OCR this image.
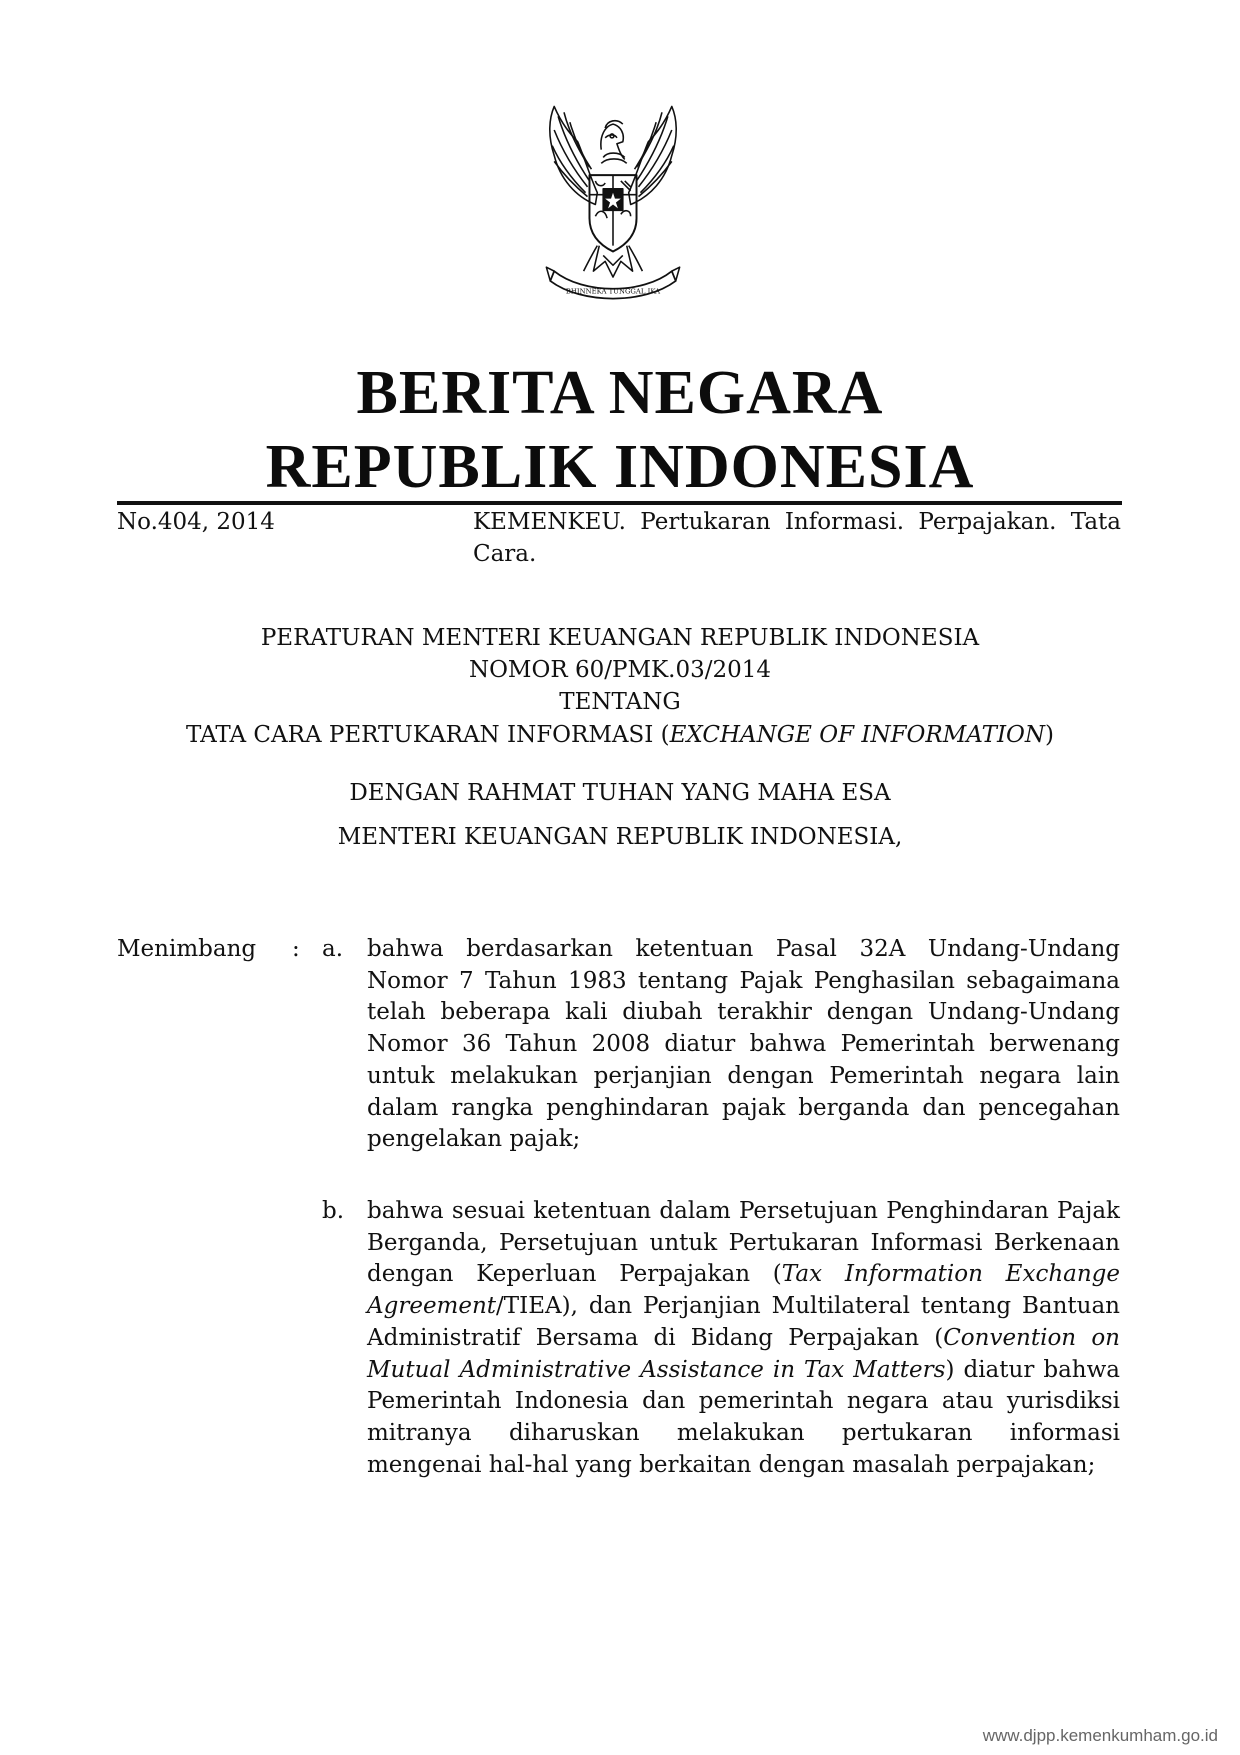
BHINNEKA TUNGGAL IKA
BERITA NEGARA
REPUBLIK INDONESIA
No.404, 2014	KEMENKEU. Pertukaran Informasi. Perpajakan. Tata Cara.
PERATURAN MENTERI KEUANGAN REPUBLIK INDONESIA
NOMOR 60/PMK.03/2014
TENTANG
TATA CARA PERTUKARAN INFORMASI (EXCHANGE OF INFORMATION)
DENGAN RAHMAT TUHAN YANG MAHA ESA
MENTERI KEUANGAN REPUBLIK INDONESIA,
Menimbang : a. bahwa berdasarkan ketentuan Pasal 32A Undang-Undang Nomor 7 Tahun 1983 tentang Pajak Penghasilan sebagaimana telah beberapa kali diubah terakhir dengan Undang-Undang Nomor 36 Tahun 2008 diatur bahwa Pemerintah berwenang untuk melakukan perjanjian dengan Pemerintah negara lain dalam rangka penghindaran pajak berganda dan pencegahan pengelakan pajak;

b. bahwa sesuai ketentuan dalam Persetujuan Penghindaran Pajak Berganda, Persetujuan untuk Pertukaran Informasi Berkenaan dengan Keperluan Perpajakan (Tax Information Exchange Agreement/TIEA), dan Perjanjian Multilateral tentang Bantuan Administratif Bersama di Bidang Perpajakan (Convention on Mutual Administrative Assistance in Tax Matters) diatur bahwa Pemerintah Indonesia dan pemerintah negara atau yurisdiksi mitranya diharuskan melakukan pertukaran informasi mengenai hal-hal yang berkaitan dengan masalah perpajakan;

www.djpp.kemenkumham.go.id
